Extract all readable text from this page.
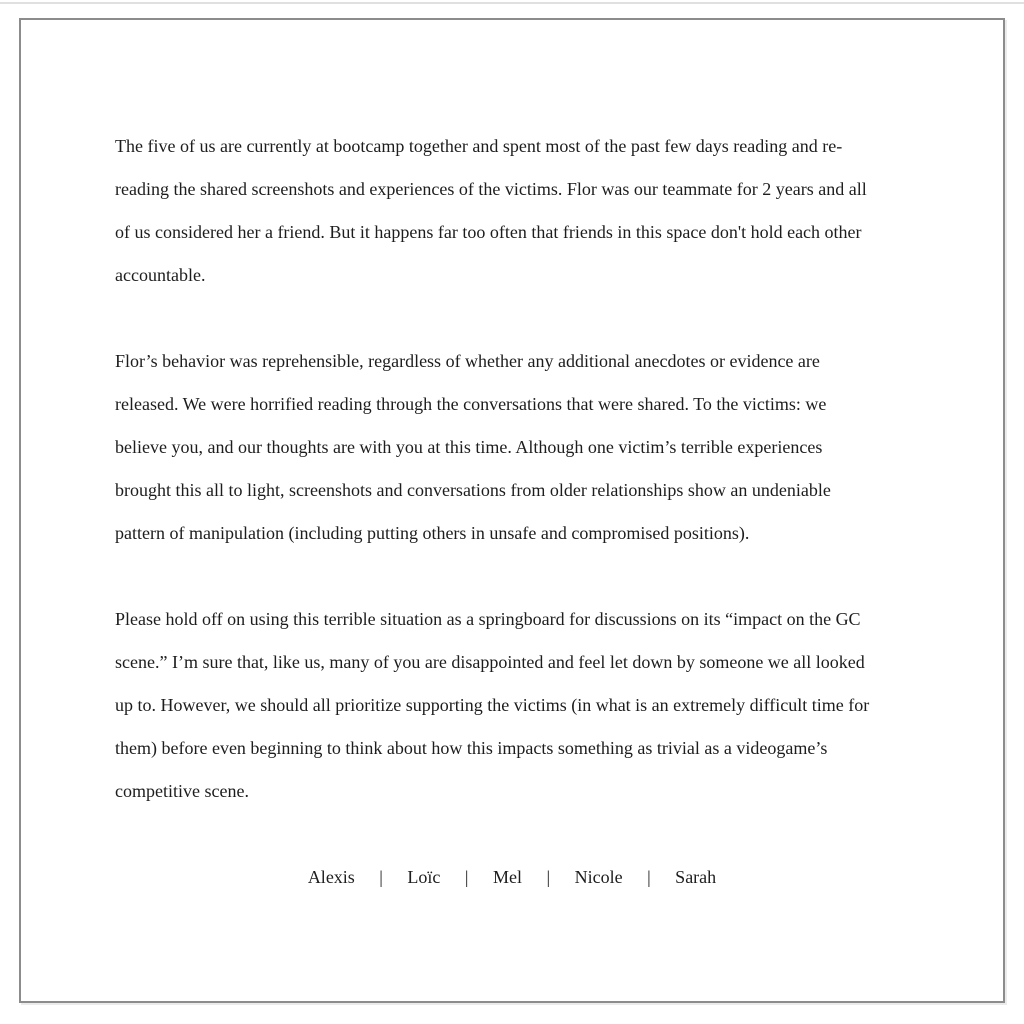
The five of us are currently at bootcamp together and spent most of the past few days reading and re-
reading the shared screenshots and experiences of the victims. Flor was our teammate for 2 years and all
of us considered her a friend. But it happens far too often that friends in this space don't hold each other
accountable.
Flor’s behavior was reprehensible, regardless of whether any additional anecdotes or evidence are
released. We were horrified reading through the conversations that were shared. To the victims: we
believe you, and our thoughts are with you at this time. Although one victim’s terrible experiences
brought this all to light, screenshots and conversations from older relationships show an undeniable
pattern of manipulation (including putting others in unsafe and compromised positions).
Please hold off on using this terrible situation as a springboard for discussions on its “impact on the GC
scene.” I’m sure that, like us, many of you are disappointed and feel let down by someone we all looked
up to. However, we should all prioritize supporting the victims (in what is an extremely difficult time for
them) before even beginning to think about how this impacts something as trivial as a videogame’s
competitive scene.
Alexis | Loïc | Mel | Nicole | Sarah
